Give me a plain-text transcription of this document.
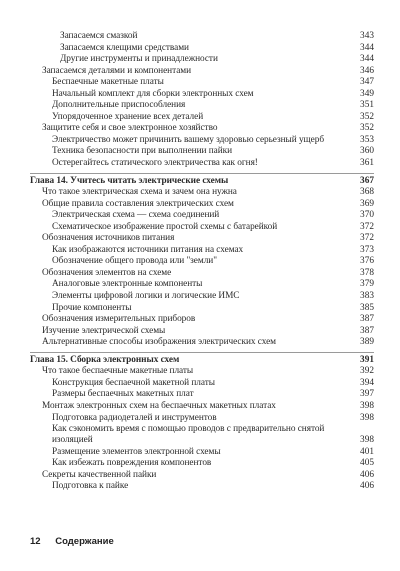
Запасаемся смазкой	343
Запасаемся клещими средствами	344
Другие инструменты и принадлежности	344
Запасаемся деталями и компонентами	346
Беспаечные макетные платы	347
Начальный комплект для сборки электронных схем	349
Дополнительные приспособления	351
Упорядоченное хранение всех деталей	352
Защитите себя и свое электронное хозяйство	352
Электричество может причинить вашему здоровью серьезный ущерб	353
Техника безопасности при выполнении пайки	360
Остерегайтесь статического электричества как огня!	361
Глава 14. Учитесь читать электрические схемы	367
Что такое электрическая схема и зачем она нужна	368
Общие правила составления электрических схем	369
Электрическая схема — схема соединений	370
Схематическое изображение простой схемы с батарейкой	372
Обозначения источников питания	372
Как изображаются источники питания на схемах	373
Обозначение общего провода или "земли"	376
Обозначения элементов на схеме	378
Аналоговые электронные компоненты	379
Элементы цифровой логики и логические ИМС	383
Прочие компоненты	385
Обозначения измерительных приборов	387
Изучение электрической схемы	387
Альтернативные способы изображения электрических схем	389
Глава 15. Сборка электронных схем	391
Что такое беспаечные макетные платы	392
Конструкция беспаечной макетной платы	394
Размеры беспаечных макетных плат	397
Монтаж электронных схем на беспаечных макетных платах	398
Подготовка радиодеталей и инструментов	398
Как сэкономить время с помощью проводов с предварительно снятой изоляцией	398
Размещение элементов электронной схемы	401
Как избежать повреждения компонентов	405
Секреты качественной пайки	406
Подготовка к пайке	406
12 Содержание
